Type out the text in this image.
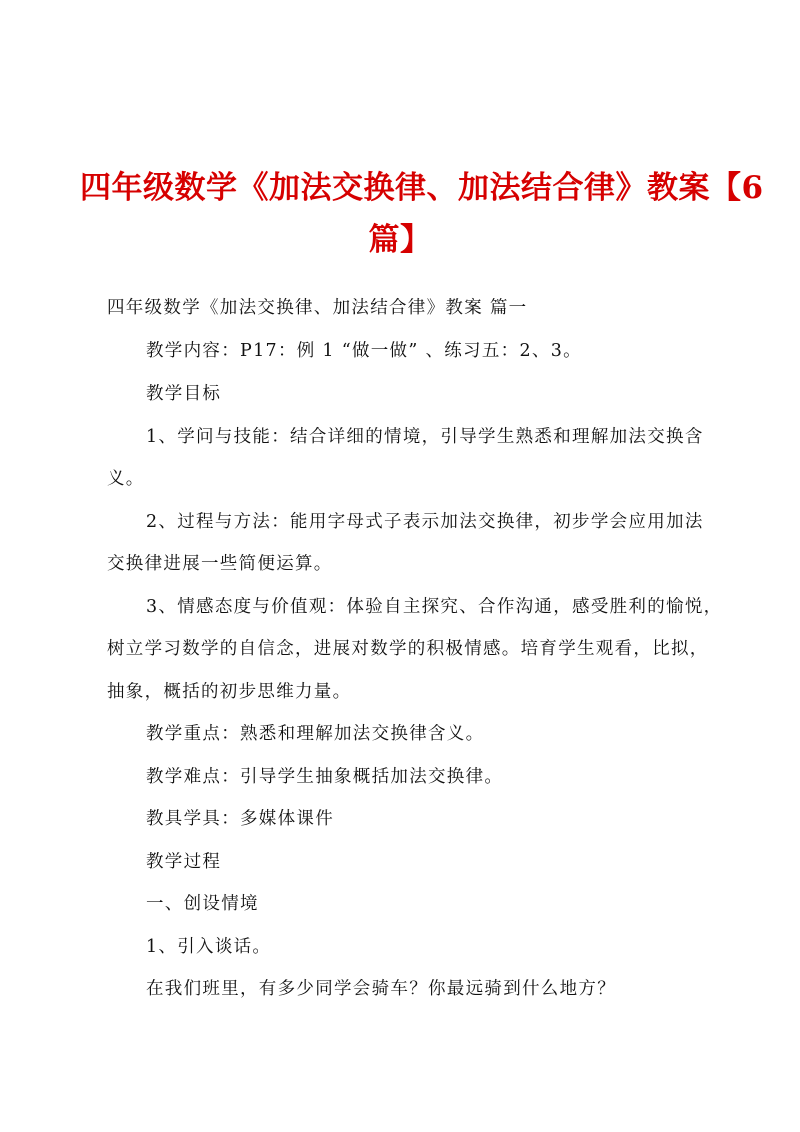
四年级数学《加法交换律、加法结合律》教案【6
篇】
四年级数学《加法交换律、加法结合律》教案 篇一
教学内容：P17：例 1 “做一做” 、练习五：2、3。
教学目标
1、学问与技能：结合详细的情境，引导学生熟悉和理解加法交换含
义。
2、过程与方法：能用字母式子表示加法交换律，初步学会应用加法
交换律进展一些简便运算。
3、情感态度与价值观：体验自主探究、合作沟通，感受胜利的愉悦，
树立学习数学的自信念，进展对数学的积极情感。培育学生观看，比拟，
抽象，概括的初步思维力量。
教学重点：熟悉和理解加法交换律含义。
教学难点：引导学生抽象概括加法交换律。
教具学具：多媒体课件
教学过程
一、创设情境
1、引入谈话。
在我们班里，有多少同学会骑车？你最远骑到什么地方？
